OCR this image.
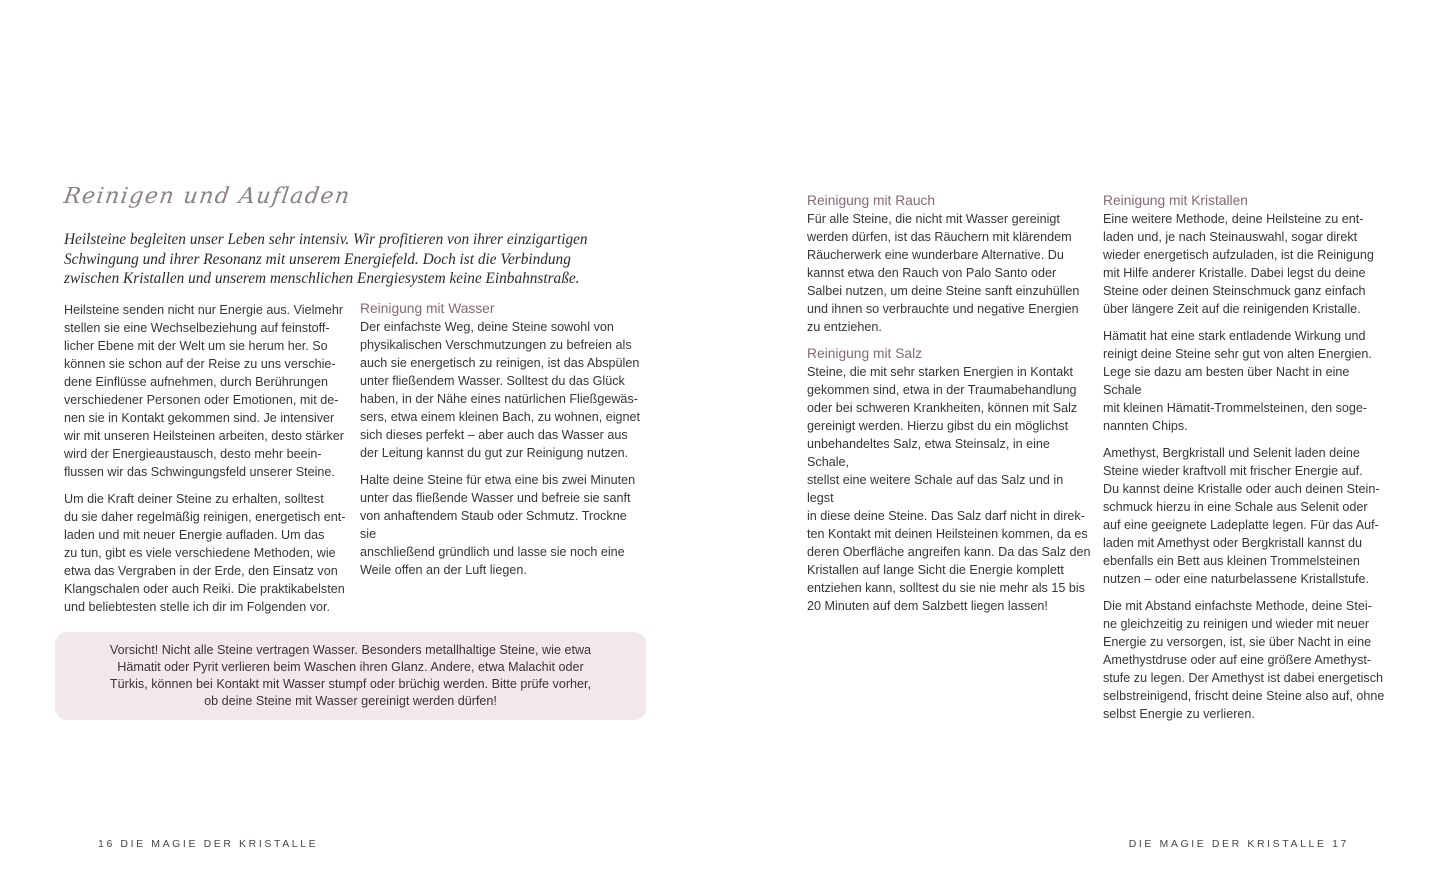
Reinigen und Aufladen

Heilsteine begleiten unser Leben sehr intensiv. Wir profitieren von ihrer einzigartigen Schwingung und ihrer Resonanz mit unserem Energiefeld. Doch ist die Verbindung zwischen Kristallen und unserem menschlichen Energiesystem keine Einbahnstraße.

Heilsteine senden nicht nur Energie aus. Vielmehr
stellen sie eine Wechselbeziehung auf feinstoff-
licher Ebene mit der Welt um sie herum her. So
können sie schon auf der Reise zu uns verschie-
dene Einflüsse aufnehmen, durch Berührungen
verschiedener Personen oder Emotionen, mit de-
nen sie in Kontakt gekommen sind. Je intensiver
wir mit unseren Heilsteinen arbeiten, desto stärker
wird der Energieaustausch, desto mehr beein-
flussen wir das Schwingungsfeld unserer Steine.

Um die Kraft deiner Steine zu erhalten, solltest
du sie daher regelmäßig reinigen, energetisch ent-
laden und mit neuer Energie aufladen. Um das
zu tun, gibt es viele verschiedene Methoden, wie
etwa das Vergraben in der Erde, den Einsatz von
Klangschalen oder auch Reiki. Die praktikabelsten
und beliebtesten stelle ich dir im Folgenden vor.

Reinigung mit Wasser

Der einfachste Weg, deine Steine sowohl von
physikalischen Verschmutzungen zu befreien als
auch sie energetisch zu reinigen, ist das Abspülen
unter fließendem Wasser. Solltest du das Glück
haben, in der Nähe eines natürlichen Fließgewäs-
sers, etwa einem kleinen Bach, zu wohnen, eignet
sich dieses perfekt – aber auch das Wasser aus
der Leitung kannst du gut zur Reinigung nutzen.

Halte deine Steine für etwa eine bis zwei Minuten
unter das fließende Wasser und befreie sie sanft
von anhaftendem Staub oder Schmutz. Trockne sie
anschließend gründlich und lasse sie noch eine
Weile offen an der Luft liegen.

Vorsicht! Nicht alle Steine vertragen Wasser. Besonders metallhaltige Steine, wie etwa
Hämatit oder Pyrit verlieren beim Waschen ihren Glanz. Andere, etwa Malachit oder
Türkis, können bei Kontakt mit Wasser stumpf oder brüchig werden. Bitte prüfe vorher,
ob deine Steine mit Wasser gereinigt werden dürfen!

16 DIE MAGIE DER KRISTALLE
Reinigung mit Rauch

Für alle Steine, die nicht mit Wasser gereinigt
werden dürfen, ist das Räuchern mit klärendem
Räucherwerk eine wunderbare Alternative. Du
kannst etwa den Rauch von Palo Santo oder
Salbei nutzen, um deine Steine sanft einzuhüllen
und ihnen so verbrauchte und negative Energien
zu entziehen.

Reinigung mit Salz

Steine, die mit sehr starken Energien in Kontakt
gekommen sind, etwa in der Traumabehandlung
oder bei schweren Krankheiten, können mit Salz
gereinigt werden. Hierzu gibst du ein möglichst
unbehandeltes Salz, etwa Steinsalz, in eine Schale,
stellst eine weitere Schale auf das Salz und in legst
in diese deine Steine. Das Salz darf nicht in direk-
ten Kontakt mit deinen Heilsteinen kommen, da es
deren Oberfläche angreifen kann. Da das Salz den
Kristallen auf lange Sicht die Energie komplett
entziehen kann, solltest du sie nie mehr als 15 bis
20 Minuten auf dem Salzbett liegen lassen!

Reinigung mit Kristallen

Eine weitere Methode, deine Heilsteine zu ent-
laden und, je nach Steinauswahl, sogar direkt
wieder energetisch aufzuladen, ist die Reinigung
mit Hilfe anderer Kristalle. Dabei legst du deine
Steine oder deinen Steinschmuck ganz einfach
über längere Zeit auf die reinigenden Kristalle.

Hämatit hat eine stark entladende Wirkung und
reinigt deine Steine sehr gut von alten Energien.
Lege sie dazu am besten über Nacht in eine Schale
mit kleinen Hämatit-Trommelsteinen, den soge-
nannten Chips.

Amethyst, Bergkristall und Selenit laden deine
Steine wieder kraftvoll mit frischer Energie auf.
Du kannst deine Kristalle oder auch deinen Stein-
schmuck hierzu in eine Schale aus Selenit oder
auf eine geeignete Ladeplatte legen. Für das Auf-
laden mit Amethyst oder Bergkristall kannst du
ebenfalls ein Bett aus kleinen Trommelsteinen
nutzen – oder eine naturbelassene Kristallstufe.

Die mit Abstand einfachste Methode, deine Stei-
ne gleichzeitig zu reinigen und wieder mit neuer
Energie zu versorgen, ist, sie über Nacht in eine
Amethystdruse oder auf eine größere Amethyst-
stufe zu legen. Der Amethyst ist dabei energetisch
selbstreinigend, frischt deine Steine also auf, ohne
selbst Energie zu verlieren.

DIE MAGIE DER KRISTALLE 17
